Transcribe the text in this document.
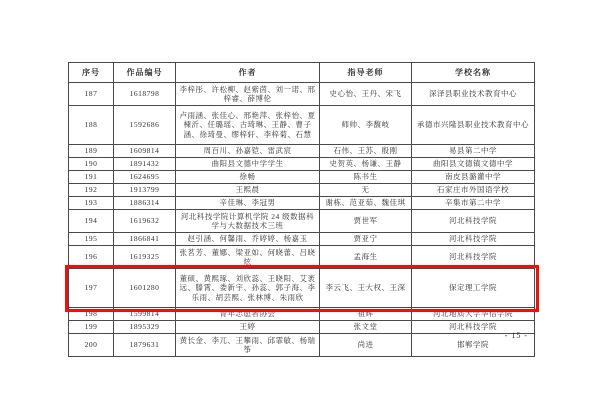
序号	作品编号	作者	指导老师	学校名称
187	1618798	李梓彤、许松柳、赵紫茵、刘一诺、邢梓睿、薛博伦	史心怡、王丹、宋飞	深泽县职业技术教育中心
188	1592686	卢雨涵、张佳心、邢艳萍、张梓怡、夏楝沂、任璐瑶、古琦琳、王静、曹子涵、徐琦曼、缪梓轩、李梓菊、石慧	师帅、李馥岐	承德市兴隆县职业技术教育中心
189	1609814	周百川、孙嘉铠、雷武宸	石伟、王苏、殷刚	易县第二中学
190	1891432	曲阳县文德中学学生	史贺英、杨谦、王静	曲阳县文德镇文德中学
191	1624695	徐畅	陈书生	南皮县潞灌中学
192	1913799	王熙晨	无	石家庄市外国语学校
193	1886314	辛佳琳、李冠男	谢栋、范亚茹、魏佳琪	辛集市第二中学
194	1619632	河北科技学院计算机学院 24 级数据科学与大数据技术三班	贾世军	河北科技学院
195	1866841	赵引涵、何馨雨、乔婷婷、杨嘉玉	贾亚宁	河北科技学院
196	1619325	张茗芳、董娜、梁亚如、何晓蕾、吕晓炫	孟海生	河北科技学院
197	1601280	董硕、黄熙琢、刘欣蕊、王晓阳、艾袤远、滕霄、娄新宇、孙蕊、郭子海、李乐雨、胡芸熙、张林博、朱雨欣	李云飞、王大权、王深	保定理工学院
198	1599814	青年志愿者协会	祖辉	河北地质大学华信学院
199	1895329	王婷	张文堂	河北科技学院
200	1879631	黄长金、李兀、王攀雨、邱霏敏、杨瑞筝	尚进	邯郸学院
- 15 -
